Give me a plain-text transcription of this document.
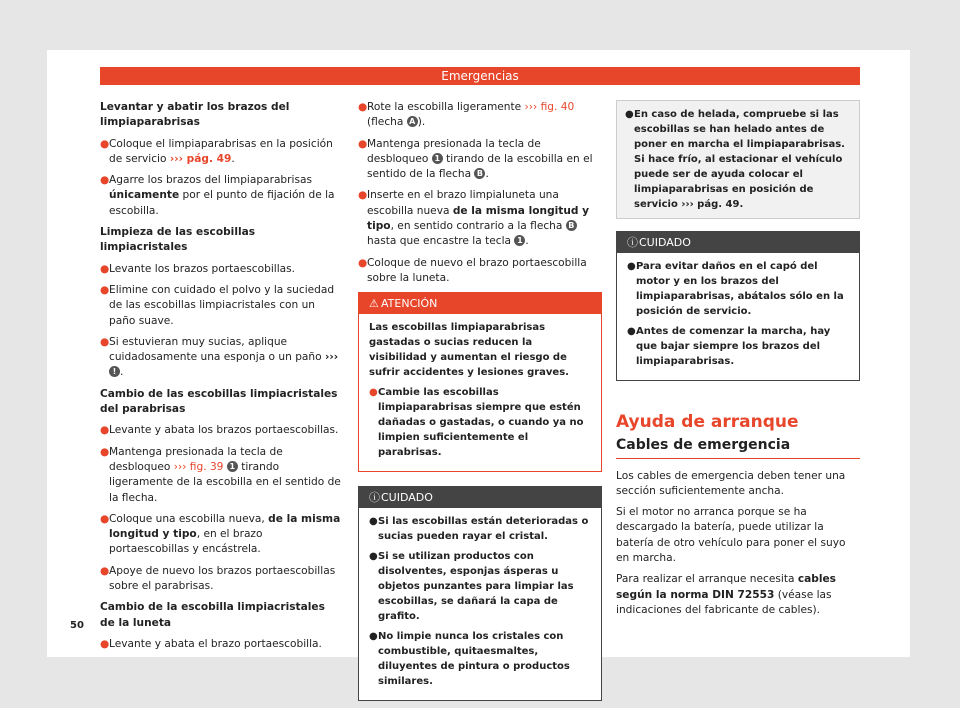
Emergencias

Levantar y abatir los brazos del limpiaparabrisas

● Coloque el limpiaparabrisas en la posición de servicio ››› pág. 49.
● Agarre los brazos del limpiaparabrisas únicamente por el punto de fijación de la escobilla.

Limpieza de las escobillas limpiacristales

● Levante los brazos portaescobillas.
● Elimine con cuidado el polvo y la suciedad de las escobillas limpiacristales con un paño suave.
● Si estuvieran muy sucias, aplique cuidadosamente una esponja o un paño ››› ! .

Cambio de las escobillas limpiacristales del parabrisas

● Levante y abata los brazos portaescobillas.
● Mantenga presionada la tecla de desbloqueo ››› fig. 39 1 tirando ligeramente de la escobilla en el sentido de la flecha.
● Coloque una escobilla nueva, de la misma longitud y tipo, en el brazo portaescobillas y encástrela.
● Apoye de nuevo los brazos portaescobillas sobre el parabrisas.

Cambio de la escobilla limpiacristales de la luneta

● Levante y abata el brazo portaescobilla.
● Rote la escobilla ligeramente ››› fig. 40 (flecha A ).
● Mantenga presionada la tecla de desbloqueo 1 tirando de la escobilla en el sentido de la flecha B .
● Inserte en el brazo limpialuneta una escobilla nueva de la misma longitud y tipo, en sentido contrario a la flecha B hasta que encastre la tecla 1 .
● Coloque de nuevo el brazo portaescobilla sobre la luneta.
⚠ ATENCIÓN
Las escobillas limpiaparabrisas gastadas o sucias reducen la visibilidad y aumentan el riesgo de sufrir accidentes y lesiones graves.
● Cambie las escobillas limpiaparabrisas siempre que estén dañadas o gastadas, o cuando ya no limpien suficientemente el parabrisas.
ⓘ CUIDADO
● Si las escobillas están deterioradas o sucias pueden rayar el cristal.
● Si se utilizan productos con disolventes, esponjas ásperas u objetos punzantes para limpiar las escobillas, se dañará la capa de grafito.
● No limpie nunca los cristales con combustible, quitaesmaltes, diluyentes de pintura o productos similares.
● En caso de helada, compruebe si las escobillas se han helado antes de poner en marcha el limpiaparabrisas. Si hace frío, al estacionar el vehículo puede ser de ayuda colocar el limpiaparabrisas en posición de servicio ››› pág. 49.
ⓘ CUIDADO
● Para evitar daños en el capó del motor y en los brazos del limpiaparabrisas, abátalos sólo en la posición de servicio.
● Antes de comenzar la marcha, hay que bajar siempre los brazos del limpiaparabrisas.
Ayuda de arranque
Cables de emergencia

Los cables de emergencia deben tener una sección suficientemente ancha.

Si el motor no arranca porque se ha descargado la batería, puede utilizar la batería de otro vehículo para poner el suyo en marcha.

Para realizar el arranque necesita cables según la norma DIN 72553 (véase las indicaciones del fabricante de cables).

50
